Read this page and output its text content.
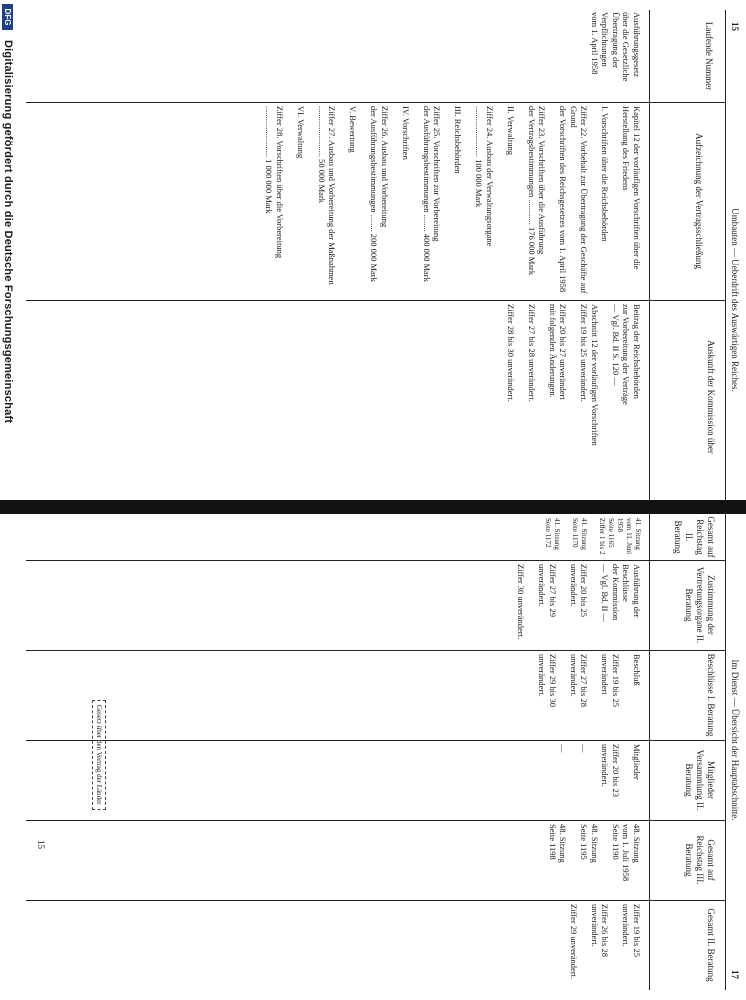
15
Umbauten — Ueberdrift des Auswärtigen Reiches.
Im Dienst — Übersicht der Hauptabschnitte.
17
Laufende Nummer
Aufzeichnung der Vertragsschließung
Auskunft der Kommission über
Gesamt auf Reichstag II. Beratung
Zustimmung der Vertretungsorgane II. Beratung
Beschlüsse I. Beratung
Mitglieder Versammlung II. Beratung
Gesamt auf Reichstag III. Beratung
Gesamt II. Beratung
Ausführungsgesetz
über die Gesetzliche
Übertragung der
Verpflichtungen
vom 1. April 1958
Kapitel 12 der vorläufigen Vorschriften über die Herstellung des Friedens

I. Vorschriften über die Reichsbehörden

Ziffer 22. Vorbehalt zur Übertragung der Geschäfte auf Grund
der Vorschriften des Reichsgesetzes vom 1. April 1958

Ziffer 23. Vorschriften über die Ausführung
der Vertragsbestimmungen ............ 176 000 Mark

II. Verwaltung

Ziffer 24. Ausbau der Verwaltungsorgane
........................ 100 000 Mark

III. Reichsbehörden

Ziffer 25. Vorschriften zur Vorbereitung
der Ausführungsbestimmungen ........ 400 000 Mark

IV. Vorschriften

Ziffer 26. Ausbau und Vorbereitung
der Ausführungsbestimmungen ........ 200 000 Mark

V. Bewertung

Ziffer 27. Ausbau und Vorbereitung der Maßnahmen
........................ 50 000 Mark

VI. Verwaltung

Ziffer 28. Vorschriften über die Vorbereitung
........................ 1 000 000 Mark
Beitrag der Reichsbehörden
zur Vorbereitung der Verträge
— Vgl. Bd. II S. 120 —

Abschnitt 12 der vorläufigen Vorschriften
Ziffer 19 bis 25 unverändert.

Ziffer 20 bis 27 unverändert
mit folgenden Änderungen.

Ziffer 27 bis 28 unverändert.

Ziffer 28 bis 30 unverändert.
41. Sitzung
vom 11. Juni 1958
Seite 1165
Ziffer 1 bis 2

41. Sitzung
Seite 1170

41. Sitzung
Seite 1172
Ausführung der Beschlüsse
der Kommission
— Vgl. Bd. II —

Ziffer 20 bis 25
unverändert.

Ziffer 27 bis 29 unverändert.

Ziffer 30 unverändert.
Beschluß

Ziffer 19 bis 25 unverändert

Ziffer 27 bis 28 unverändert.

Ziffer 29 bis 30 unverändert.
Mitglieder

Ziffer 20 bis 23
unverändert.

—

—
48. Sitzung
vom 1. Juli 1958
Seite 1190

48. Sitzung
Seite 1195

48. Sitzung
Seite 1198
Ziffer 19 bis 25 unverändert.

Ziffer 26 bis 28 unverändert.

Ziffer 29 unverändert.
Gesetz über den Vertrag der Länder
15
DFG
Digitalisierung gefördert durch die Deutsche Forschungsgemeinschaft
